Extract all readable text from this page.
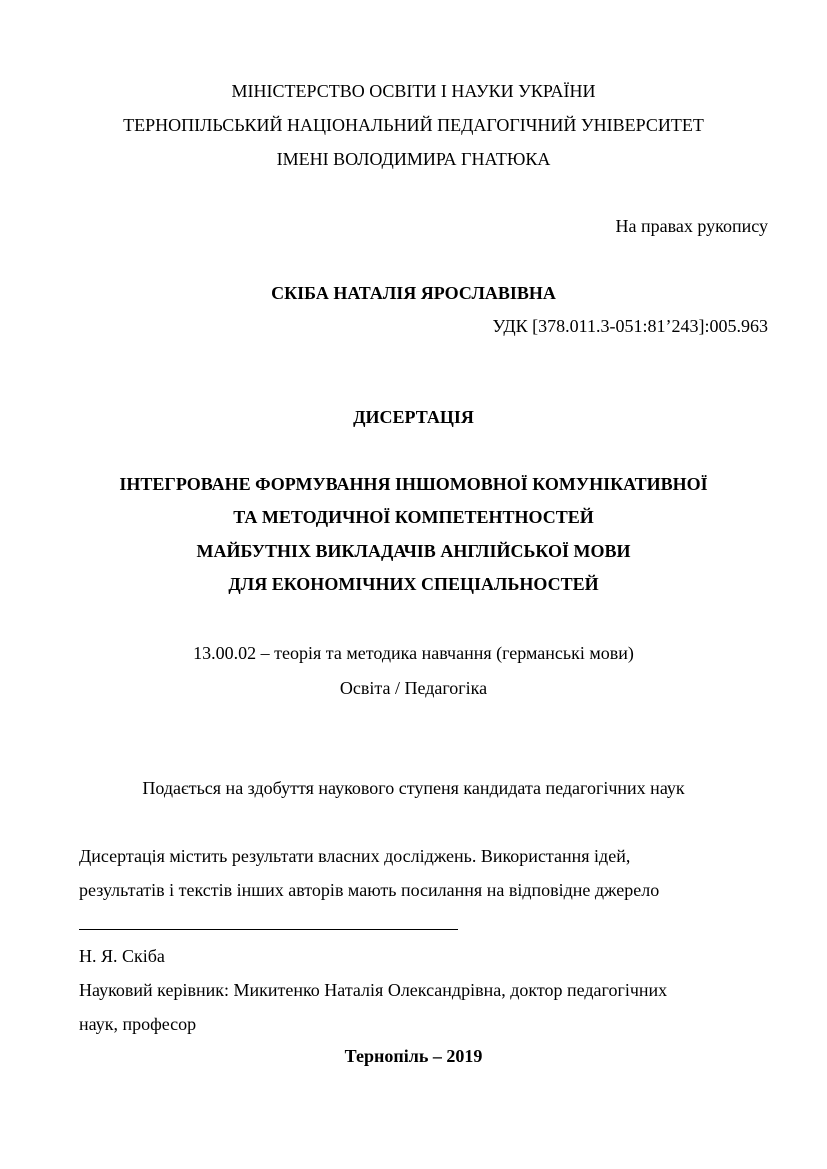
МІНІСТЕРСТВО ОСВІТИ І НАУКИ УКРАЇНИ
ТЕРНОПІЛЬСЬКИЙ НАЦІОНАЛЬНИЙ ПЕДАГОГІЧНИЙ УНІВЕРСИТЕТ
ІМЕНІ ВОЛОДИМИРА ГНАТЮКА
На правах рукопису
СКІБА НАТАЛІЯ ЯРОСЛАВІВНА
УДК [378.011.3-051:81’243]:005.963
ДИСЕРТАЦІЯ
ІНТЕГРОВАНЕ ФОРМУВАННЯ ІНШОМОВНОЇ КОМУНІКАТИВНОЇ
ТА МЕТОДИЧНОЇ КОМПЕТЕНТНОСТЕЙ
МАЙБУТНІХ ВИКЛАДАЧІВ АНГЛІЙСЬКОЇ МОВИ
ДЛЯ ЕКОНОМІЧНИХ СПЕЦІАЛЬНОСТЕЙ
13.00.02 – теорія та методика навчання (германські мови)
Освіта / Педагогіка
Подається на здобуття наукового ступеня кандидата педагогічних наук
Дисертація містить результати власних досліджень. Використання ідей,
результатів і текстів інших авторів мають посилання на відповідне джерело
Н. Я. Скіба
Науковий керівник: Микитенко Наталія Олександрівна, доктор педагогічних
наук, професор
Тернопіль – 2019
